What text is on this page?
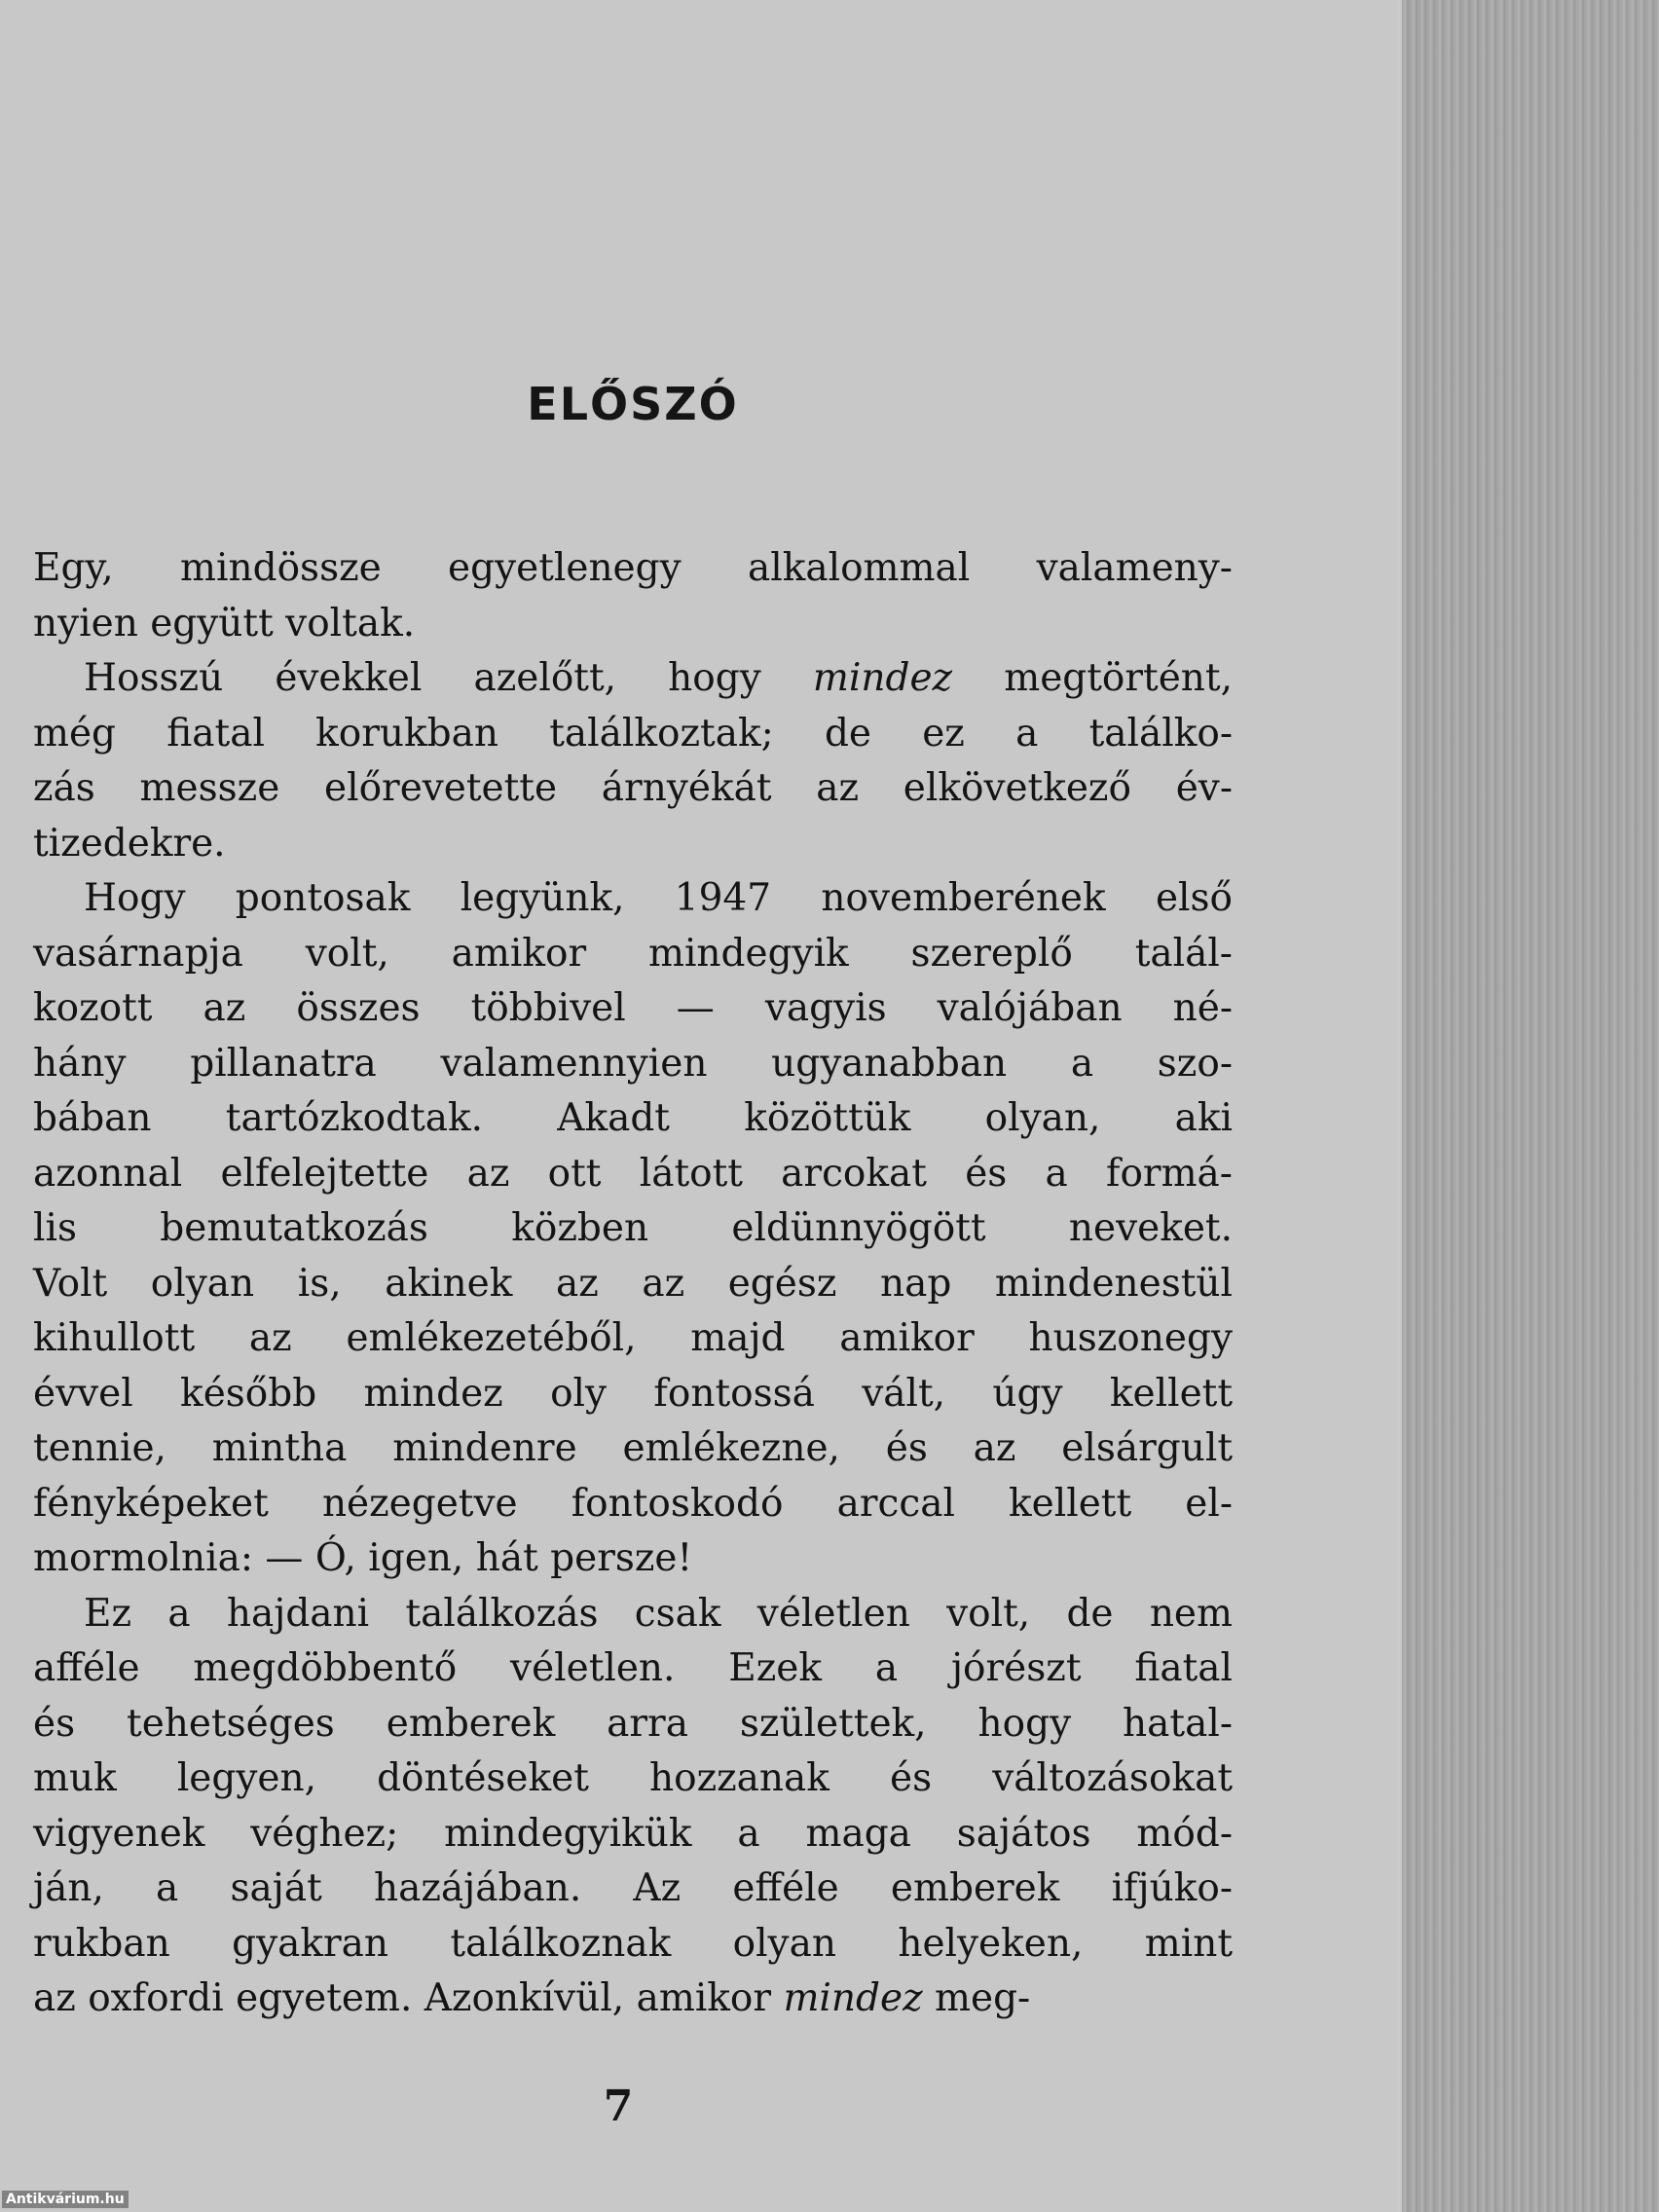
ELŐSZÓ
Egy, mindössze egyetlenegy alkalommal valameny-
nyien együtt voltak.
Hosszú évekkel azelőtt, hogy mindez megtörtént,
még fiatal korukban találkoztak; de ez a találko-
zás messze előrevetette árnyékát az elkövetkező év-
tizedekre.
Hogy pontosak legyünk, 1947 novemberének első
vasárnapja volt, amikor mindegyik szereplő talál-
kozott az összes többivel — vagyis valójában né-
hány pillanatra valamennyien ugyanabban a szo-
bában tartózkodtak. Akadt közöttük olyan, aki
azonnal elfelejtette az ott látott arcokat és a formá-
lis bemutatkozás közben eldünnyögött neveket.
Volt olyan is, akinek az az egész nap mindenestül
kihullott az emlékezetéből, majd amikor huszonegy
évvel később mindez oly fontossá vált, úgy kellett
tennie, mintha mindenre emlékezne, és az elsárgult
fényképeket nézegetve fontoskodó arccal kellett el-
mormolnia: — Ó, igen, hát persze!
Ez a hajdani találkozás csak véletlen volt, de nem
afféle megdöbbentő véletlen. Ezek a jórészt fiatal
és tehetséges emberek arra születtek, hogy hatal-
muk legyen, döntéseket hozzanak és változásokat
vigyenek véghez; mindegyikük a maga sajátos mód-
ján, a saját hazájában. Az efféle emberek ifjúko-
rukban gyakran találkoznak olyan helyeken, mint
az oxfordi egyetem. Azonkívül, amikor mindez meg-
7
Antikvárium.hu
